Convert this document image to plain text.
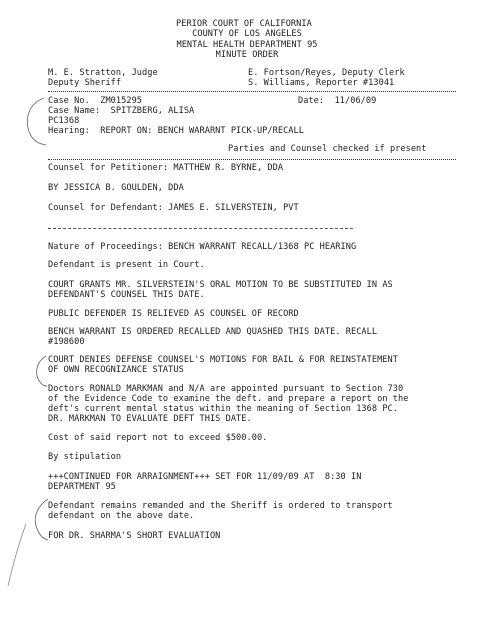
PERIOR COURT OF CALIFORNIA
COUNTY OF LOS ANGELES
MENTAL HEALTH DEPARTMENT 95
MINUTE ORDER
M. E. Stratton, Judge	E. Fortson/Reyes, Deputy Clerk
Deputy Sheriff	S. Williams, Reporter #13041
Case No.  ZM015295	Date:  11/06/09
Case Name:  SPITZBERG, ALISA
PC1368
Hearing:  REPORT ON: BENCH WARARNT PICK-UP/RECALL
Parties and Counsel checked if present
Counsel for Petitioner: MATTHEW R. BYRNE, DDA
BY JESSICA B. GOULDEN, DDA
Counsel for Defendant: JAMES E. SILVERSTEIN, PVT
Nature of Proceedings: BENCH WARRANT RECALL/1368 PC HEARING
Defendant is present in Court.
COURT GRANTS MR. SILVERSTEIN'S ORAL MOTION TO BE SUBSTITUTED IN AS
DEFENDANT'S COUNSEL THIS DATE.
PUBLIC DEFENDER IS RELIEVED AS COUNSEL OF RECORD
BENCH WARRANT IS ORDERED RECALLED AND QUASHED THIS DATE. RECALL
#198600
COURT DENIES DEFENSE COUNSEL'S MOTIONS FOR BAIL & FOR REINSTATEMENT
OF OWN RECOGNIZANCE STATUS
Doctors RONALD MARKMAN and N/A are appointed pursuant to Section 730
of the Evidence Code to examine the deft. and prepare a report on the
deft's current mental status within the meaning of Section 1368 PC.
DR. MARKMAN TO EVALUATE DEFT THIS DATE.
Cost of said report not to exceed $500.00.
By stipulation
+++CONTINUED FOR ARRAIGNMENT+++ SET FOR 11/09/09 AT  8:30 IN
DEPARTMENT 95
Defendant remains remanded and the Sheriff is ordered to transport
defendant on the above date.
FOR DR. SHARMA'S SHORT EVALUATION
